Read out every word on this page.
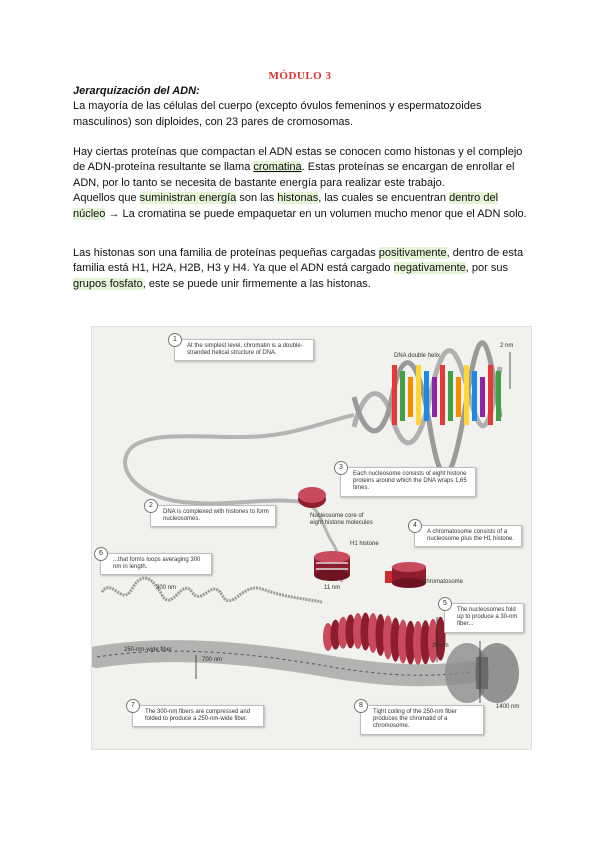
MÓDULO 3
Jerarquización del ADN:
La mayoría de las células del cuerpo (excepto óvulos femeninos y espermatozoides masculinos) son diploides, con 23 pares de cromosomas.
Hay ciertas proteínas que compactan el ADN estas se conocen como histonas y el complejo de ADN-proteína resultante se llama cromatina. Estas proteínas se encargan de enrollar el ADN, por lo tanto se necesita de bastante energía para realizar este trabajo.
Aquellos que suministran energía son las histonas, las cuales se encuentran dentro del núcleo → La cromatina se puede empaquetar en un volumen mucho menor que el ADN solo.
Las histonas son una familia de proteínas pequeñas cargadas positivamente, dentro de esta familia está H1, H2A, H2B, H3 y H4. Ya que el ADN está cargado negativamente, por sus grupos fosfato, este se puede unir firmemente a las histonas.
1
At the simplest level, chromatin is a double-stranded helical structure of DNA.
2
DNA is complexed with histones to form nucleosomes.
3
Each nucleosome consists of eight histone proteins around which the DNA wraps 1.65 times.
4
A chromatosome consists of a nucleosome plus the H1 histone.
5
The nucleosomes fold up to produce a 30-nm fiber...
6
...that forms loops averaging 300 nm in length.
7
The 300-nm fibers are compressed and folded to produce a 250-nm-wide fiber.
8
Tight coiling of the 250-nm fiber produces the chromatid of a chromosome.
DNA double helix
2 nm
Nucleosome core of eight histone molecules
H1 histone
Chromatosome
11 nm
30 nm
300 nm
250-nm-wide fiber
700 nm
1400 nm
